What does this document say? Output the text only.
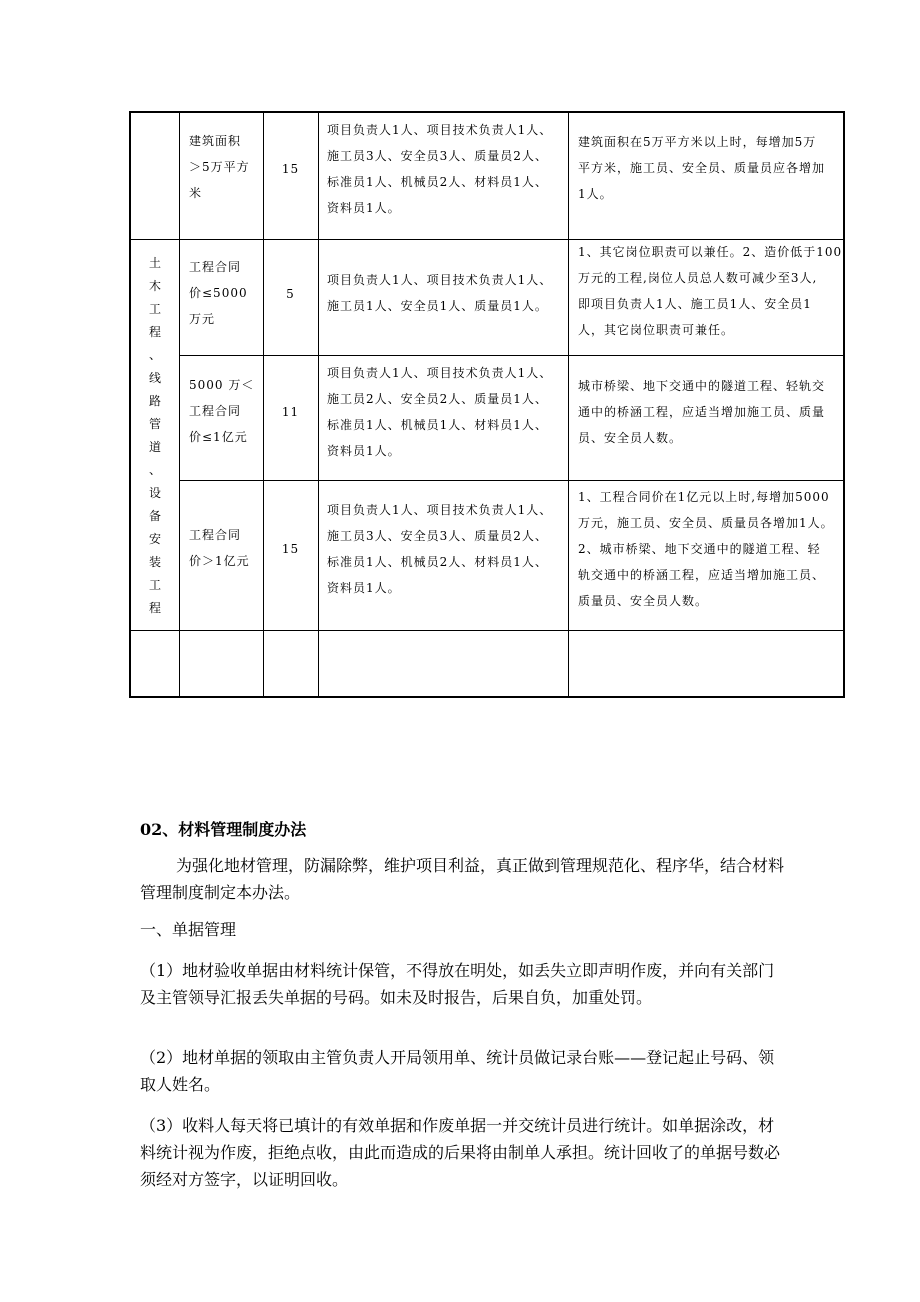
土
木
工
程
、
线
路
管
道
、
设
备
安
装
工
程
建筑面积
＞5万平方
米
15
项目负责人1人、项目技术负责人1人、
施工员3人、安全员3人、质量员2人、
标准员1人、机械员2人、材料员1人、
资料员1人。
建筑面积在5万平方米以上时，每增加5万
平方米，施工员、安全员、质量员应各增加
1人。
工程合同
价≤5000
万元
5
项目负责人1人、项目技术负责人1人、
施工员1人、安全员1人、质量员1人。
1、其它岗位职责可以兼任。2、造价低于100
万元的工程,岗位人员总人数可减少至3人,
即项目负责人1人、施工员1人、安全员1
人，其它岗位职责可兼任。
5000 万＜
工程合同
价≤1亿元
11
项目负责人1人、项目技术负责人1人、
施工员2人、安全员2人、质量员1人、
标准员1人、机械员1人、材料员1人、
资料员1人。
城市桥梁、地下交通中的隧道工程、轻轨交
通中的桥涵工程，应适当增加施工员、质量
员、安全员人数。
工程合同
价＞1亿元
15
项目负责人1人、项目技术负责人1人、
施工员3人、安全员3人、质量员2人、
标准员1人、机械员2人、材料员1人、
资料员1人。
1、工程合同价在1亿元以上时,每增加5000
万元，施工员、安全员、质量员各增加1人。
2、城市桥梁、地下交通中的隧道工程、轻
轨交通中的桥涵工程，应适当增加施工员、
质量员、安全员人数。
02、材料管理制度办法
为强化地材管理，防漏除弊，维护项目利益，真正做到管理规范化、程序华，结合材料管理制度制定本办法。
一、单据管理
（1）地材验收单据由材料统计保管，不得放在明处，如丢失立即声明作废，并向有关部门及主管领导汇报丢失单据的号码。如未及时报告，后果自负，加重处罚。
（2）地材单据的领取由主管负责人开局领用单、统计员做记录台账——登记起止号码、领取人姓名。
（3）收料人每天将已填计的有效单据和作废单据一并交统计员进行统计。如单据涂改，材料统计视为作废，拒绝点收，由此而造成的后果将由制单人承担。统计回收了的单据号数必须经对方签字，以证明回收。
